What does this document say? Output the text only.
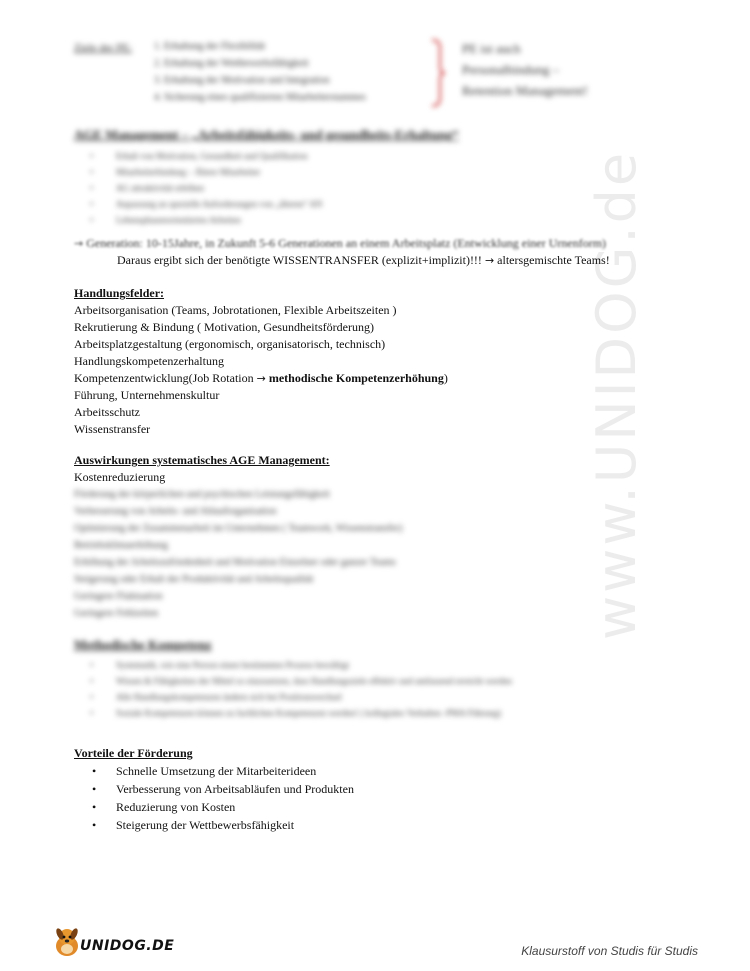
www.UNIDOG.de
Ziele der PE: 1. Erhaltung der Flexibilität
2. Erhaltung der Wettbewerbsfähigkeit
3. Erhaltung der Motivation und Integration
4. Sicherung eines qualifizierten Mitarbeiterstammes
PE ist auch
Personalbindung –
Retention Management!
AGE Management – „Arbeitsfähigkeits- und gesundheits-Erhaltung“
• Erhalt von Motivation, Gesundheit und Qualifikation
• Mitarbeiterbindung – Ältere Mitarbeiter
• AG attraktivität erhöhen
• Anpassung an spezielle Anforderungen von „älteren“ AN
• Lebensphasenorientiertes Arbeiten
→ Generation: 10-15Jahre, in Zukunft 5-6 Generationen an einem Arbeitsplatz (Entwicklung einer Urnenform)
Daraus ergibt sich der benötigte WISSENTRANSFER (explizit+implizit)!!! → altersgemischte Teams!
Handlungsfelder:
Arbeitsorganisation (Teams, Jobrotationen, Flexible Arbeitszeiten )
Rekrutierung & Bindung ( Motivation, Gesundheitsförderung)
Arbeitsplatzgestaltung (ergonomisch, organisatorisch, technisch)
Handlungskompetenzerhaltung
Kompetenzentwicklung(Job Rotation → methodische Kompetenzerhöhung)
Führung, Unternehmenskultur
Arbeitsschutz
Wissenstransfer
Auswirkungen systematisches AGE Management:
Kostenreduzierung
Förderung der körperlichen und psychischen Leistungsfähigkeit
Verbesserung von Arbeits- und Ablauforganisation
Optimierung der Zusammenarbeit im Unternehmen ( Teamwork, Wissenstransfer)
Betriebsklimaerhöhung
Erhöhung der Arbeitszufriedenheit und Motivation Einzelner oder ganzer Teams
Steigerung oder Erhalt der Produktivität und Arbeitsqualität
Geringere Fluktuation
Geringere Fehlzeiten
Methodische Kompetenz
• Systematik, wie eine Person einen bestimmten Prozess bewältigt
• Wissen & Fähigkeiten der Mittel so einzusetzen, dass Handlungsziele effektiv und umfassend erreicht werden
• Alle Handlungskompetenzen ändern sich bei Positionswechsel
• Soziale Kompetenzen können zu fachlichen Kompetenzen werden! ( kollegiales Verhalten -PMA Führung)
Vorteile der Förderung
• Schnelle Umsetzung der Mitarbeiterideen
• Verbesserung von Arbeitsabläufen und Produkten
• Reduzierung von Kosten
• Steigerung der Wettbewerbsfähigkeit
UNIDOG.DE	Klausurstoff von Studis für Studis
